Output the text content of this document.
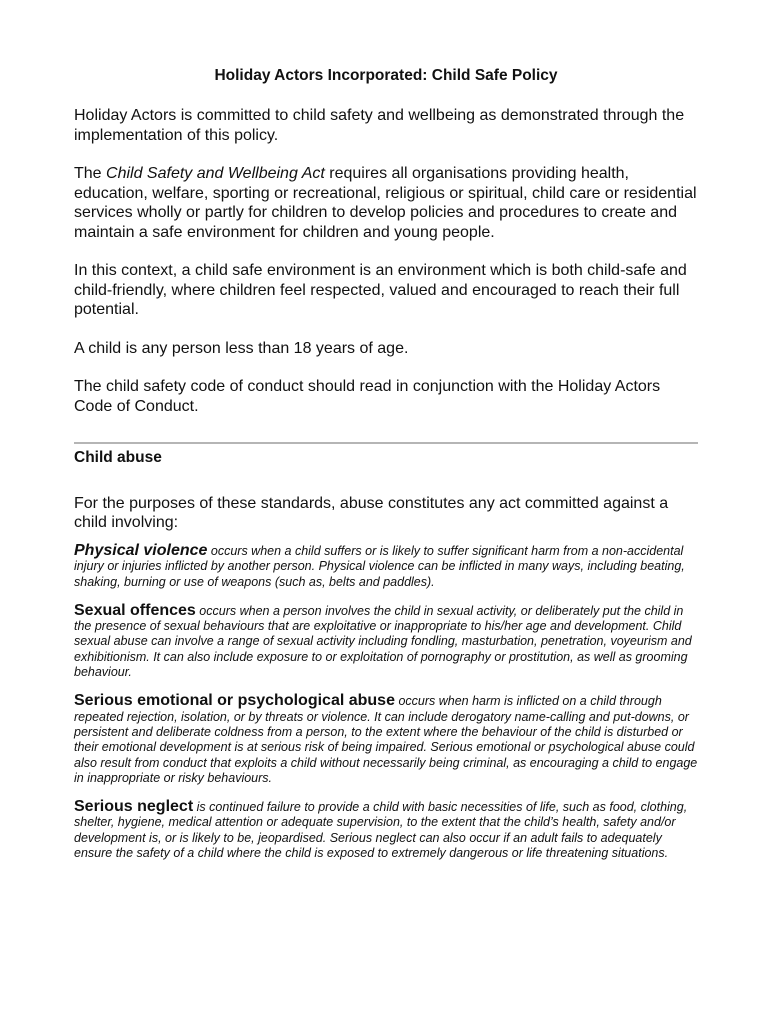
Holiday Actors Incorporated: Child Safe Policy

Holiday Actors is committed to child safety and wellbeing as demonstrated through the implementation of this policy.

The Child Safety and Wellbeing Act requires all organisations providing health, education, welfare, sporting or recreational, religious or spiritual, child care or residential services wholly or partly for children to develop policies and procedures to create and maintain a safe environment for children and young people.

In this context, a child safe environment is an environment which is both child-safe and child-friendly, where children feel respected, valued and encouraged to reach their full potential.

A child is any person less than 18 years of age.

The child safety code of conduct should read in conjunction with the Holiday Actors Code of Conduct.

Child abuse

For the purposes of these standards, abuse constitutes any act committed against a child involving:

Physical violence occurs when a child suffers or is likely to suffer significant harm from a non-accidental injury or injuries inflicted by another person. Physical violence can be inflicted in many ways, including beating, shaking, burning or use of weapons (such as, belts and paddles).

Sexual offences occurs when a person involves the child in sexual activity, or deliberately put the child in the presence of sexual behaviours that are exploitative or inappropriate to his/her age and development. Child sexual abuse can involve a range of sexual activity including fondling, masturbation, penetration, voyeurism and exhibitionism. It can also include exposure to or exploitation of pornography or prostitution, as well as grooming behaviour.

Serious emotional or psychological abuse occurs when harm is inflicted on a child through repeated rejection, isolation, or by threats or violence. It can include derogatory name-calling and put-downs, or persistent and deliberate coldness from a person, to the extent where the behaviour of the child is disturbed or their emotional development is at serious risk of being impaired. Serious emotional or psychological abuse could also result from conduct that exploits a child without necessarily being criminal, as encouraging a child to engage in inappropriate or risky behaviours.

Serious neglect is continued failure to provide a child with basic necessities of life, such as food, clothing, shelter, hygiene, medical attention or adequate supervision, to the extent that the child’s health, safety and/or development is, or is likely to be, jeopardised. Serious neglect can also occur if an adult fails to adequately ensure the safety of a child where the child is exposed to extremely dangerous or life threatening situations.
